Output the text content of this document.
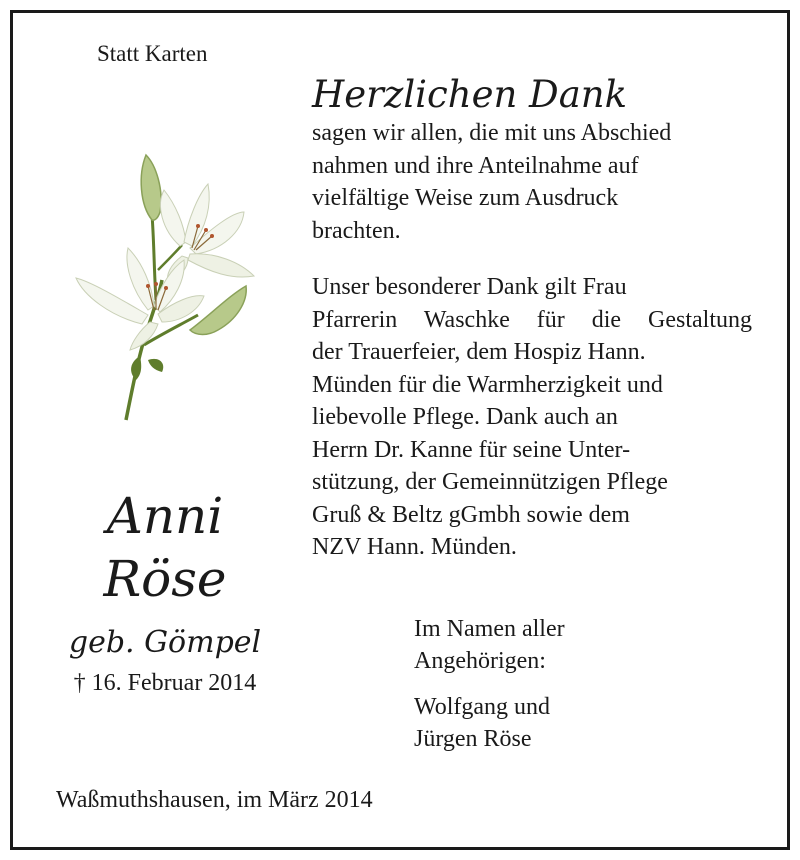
Statt Karten
Herzlichen Dank
sagen wir allen, die mit uns Abschied
nahmen und ihre Anteilnahme auf
vielfältige Weise zum Ausdruck
brachten.
Unser besonderer Dank gilt Frau
Pfarrerin Waschke für die Gestaltung
der Trauerfeier, dem Hospiz Hann.
Münden für die Warmherzigkeit und
liebevolle Pflege. Dank auch an
Herrn Dr. Kanne für seine Unter-
stützung, der Gemeinnützigen Pflege
Gruß & Beltz gGmbh sowie dem
NZV Hann. Münden.
Anni
Röse
geb. Gömpel
† 16. Februar 2014
Im Namen aller
Angehörigen:
Wolfgang und
Jürgen Röse
Waßmuthshausen, im März 2014
